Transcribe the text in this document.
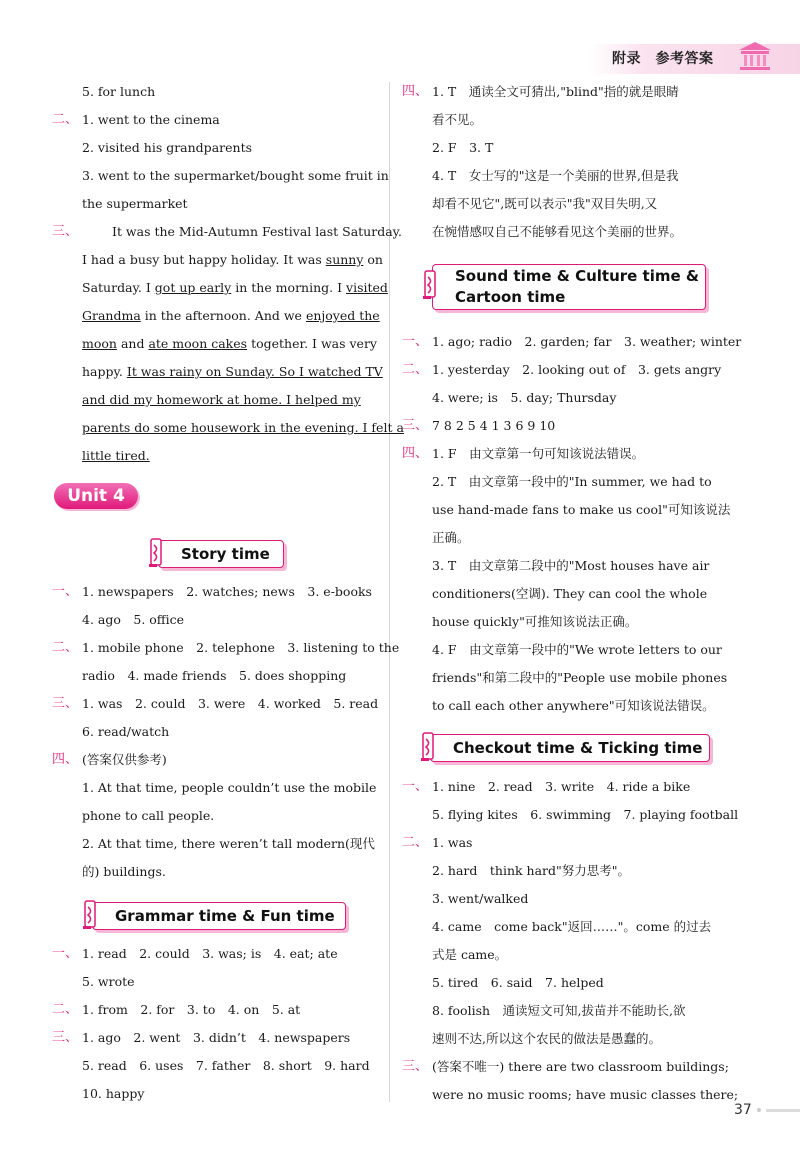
附录　参考答案
5. for lunch
二、 1. went to the cinema
2. visited his grandparents
3. went to the supermarket/bought some fruit in
the supermarket
三、	It was the Mid-Autumn Festival last Saturday.
I had a busy but happy holiday. It was sunny on
Saturday. I got up early in the morning. I visited
Grandma in the afternoon. And we enjoyed the
moon and ate moon cakes together. I was very
happy. It was rainy on Sunday. So I watched TV
and did my homework at home. I helped my
parents do some housework in the evening. I felt a
little tired.
Unit 4
Story time
一、 1. newspapers　2. watches; news　3. e-books
4. ago　5. office
二、 1. mobile phone　2. telephone　3. listening to the
radio　4. made friends　5. does shopping
三、 1. was　2. could　3. were　4. worked　5. read
6. read/watch
四、 (答案仅供参考)
1. At that time, people couldn’t use the mobile
phone to call people.
2. At that time, there weren’t tall modern(现代
的) buildings.
Grammar time & Fun time
一、 1. read　2. could　3. was; is　4. eat; ate
5. wrote
二、 1. from　2. for　3. to　4. on　5. at
三、 1. ago　2. went　3. didn’t　4. newspapers
5. read　6. uses　7. father　8. short　9. hard
10. happy
四、 1. T　通读全文可猜出,"blind"指的就是眼睛
看不见。
2. F　3. T
4. T　女士写的"这是一个美丽的世界,但是我
却看不见它",既可以表示"我"双目失明,又
在惋惜感叹自己不能够看见这个美丽的世界。
Sound time & Culture time &
Cartoon time
一、 1. ago; radio　2. garden; far　3. weather; winter
二、 1. yesterday　2. looking out of　3. gets angry
4. were; is　5. day; Thursday
三、 7 8 2 5 4 1 3 6 9 10
四、 1. F　由文章第一句可知该说法错误。
2. T　由文章第一段中的"In summer, we had to
use hand-made fans to make us cool"可知该说法
正确。
3. T　由文章第二段中的"Most houses have air
conditioners(空调). They can cool the whole
house quickly"可推知该说法正确。
4. F　由文章第一段中的"We wrote letters to our
friends"和第二段中的"People use mobile phones
to call each other anywhere"可知该说法错误。
Checkout time & Ticking time
一、 1. nine　2. read　3. write　4. ride a bike
5. flying kites　6. swimming　7. playing football
二、 1. was
2. hard　think hard"努力思考"。
3. went/walked
4. came　come back"返回……"。come 的过去
式是 came。
5. tired　6. said　7. helped
8. foolish　通读短文可知,拔苗并不能助长,欲
速则不达,所以这个农民的做法是愚蠢的。
三、 (答案不唯一) there are two classroom buildings;
were no music rooms; have music classes there;
37
